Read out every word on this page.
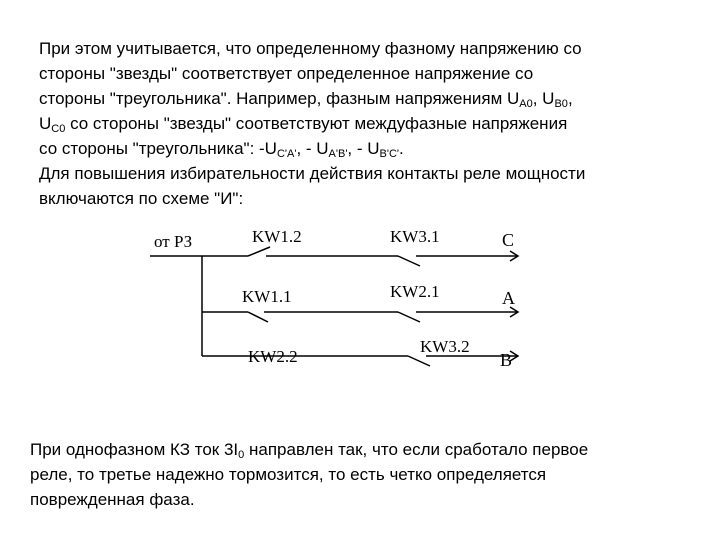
При этом учитывается, что определенному фазному напряжению со
стороны "звезды" соответствует определенное напряжение со
стороны "треугольника". Например, фазным напряжениям $U_{A0}$, $U_{B0}$,
$U_{C0}$ со стороны "звезды" соответствуют междуфазные напряжения
со стороны "треугольника": $-U_{C'A'}$, - $U_{A'B'}$, - $U_{B'C'}$.
Для повышения избирательности действия контакты реле мощности
включаются по схеме "И":
от РЗ	KW1.2	KW3.1	C
KW1.1	KW2.1	A
KW2.2
KW3.2
B
При однофазном КЗ ток $3I_0$ направлен так, что если сработало первое
реле, то третье надежно тормозится, то есть четко определяется
поврежденная фаза.
